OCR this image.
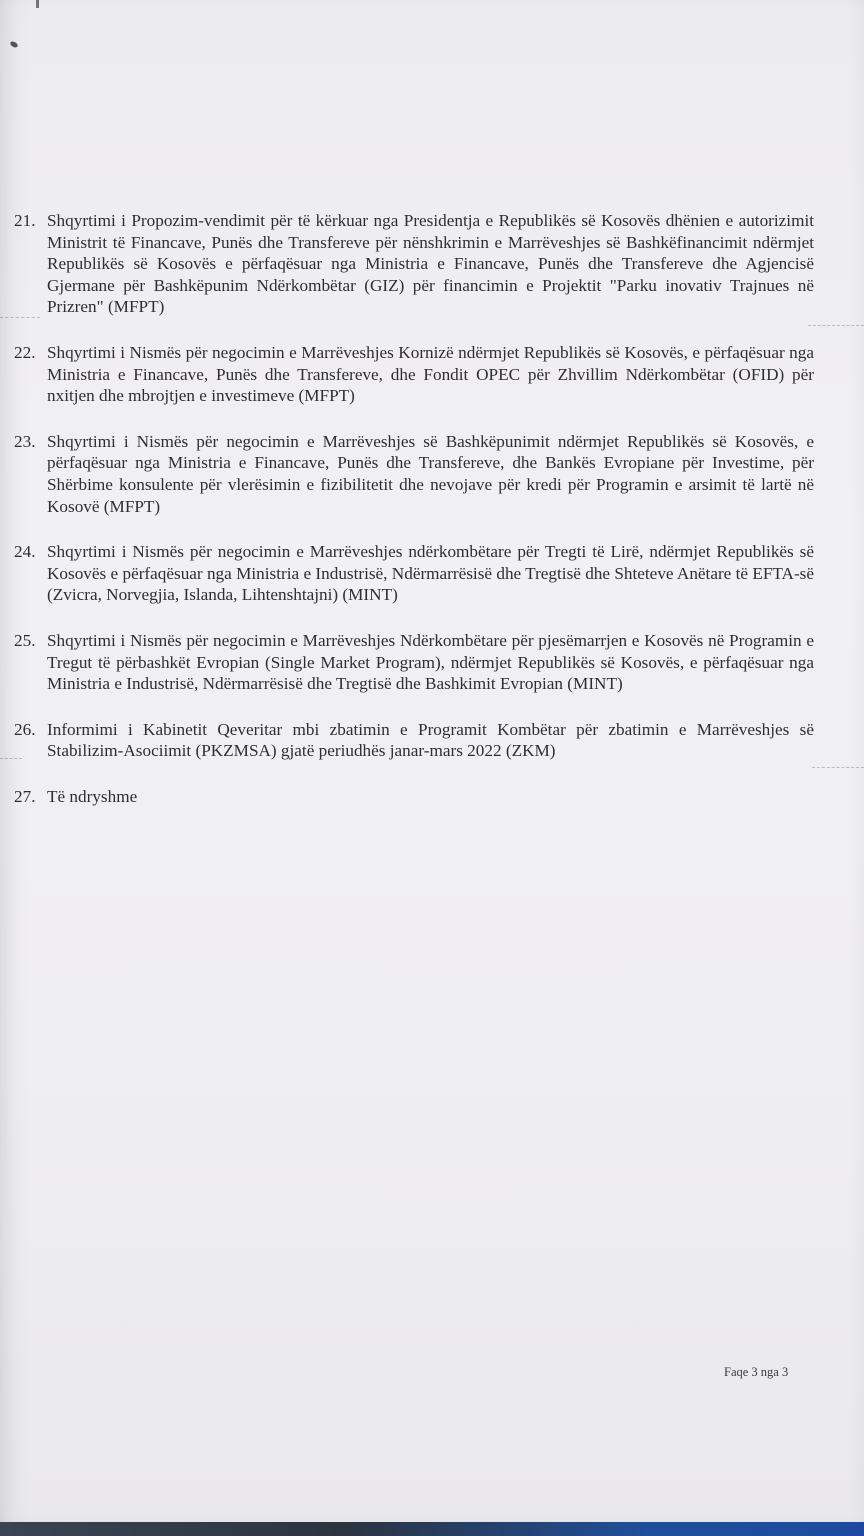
21. Shqyrtimi i Propozim-vendimit për të kërkuar nga Presidentja e Republikës së Kosovës dhënien e autorizimit Ministrit të Financave, Punës dhe Transfereve për nënshkrimin e Marrëveshjes së Bashkëfinancimit ndërmjet Republikës së Kosovës e përfaqësuar nga Ministria e Financave, Punës dhe Transfereve dhe Agjencisë Gjermane për Bashkëpunim Ndërkombëtar (GIZ) për financimin e Projektit "Parku inovativ Trajnues në Prizren" (MFPT)
22. Shqyrtimi i Nismës për negocimin e Marrëveshjes Kornizë ndërmjet Republikës së Kosovës, e përfaqësuar nga Ministria e Financave, Punës dhe Transfereve, dhe Fondit OPEC për Zhvillim Ndërkombëtar (OFID) për nxitjen dhe mbrojtjen e investimeve (MFPT)
23. Shqyrtimi i Nismës për negocimin e Marrëveshjes së Bashkëpunimit ndërmjet Republikës së Kosovës, e përfaqësuar nga Ministria e Financave, Punës dhe Transfereve, dhe Bankës Evropiane për Investime, për Shërbime konsulente për vlerësimin e fizibilitetit dhe nevojave për kredi për Programin e arsimit të lartë në Kosovë (MFPT)
24. Shqyrtimi i Nismës për negocimin e Marrëveshjes ndërkombëtare për Tregti të Lirë, ndërmjet Republikës së Kosovës e përfaqësuar nga Ministria e Industrisë, Ndërmarrësisë dhe Tregtisë dhe Shteteve Anëtare të EFTA-së (Zvicra, Norvegjia, Islanda, Lihtenshtajni) (MINT)
25. Shqyrtimi i Nismës për negocimin e Marrëveshjes Ndërkombëtare për pjesëmarrjen e Kosovës në Programin e Tregut të përbashkët Evropian (Single Market Program), ndërmjet Republikës së Kosovës, e përfaqësuar nga Ministria e Industrisë, Ndërmarrësisë dhe Tregtisë dhe Bashkimit Evropian (MINT)
26. Informimi i Kabinetit Qeveritar mbi zbatimin e Programit Kombëtar për zbatimin e Marrëveshjes së Stabilizim-Asociimit (PKZMSA) gjatë periudhës janar-mars 2022 (ZKM)
27. Të ndryshme
Faqe 3 nga 3
